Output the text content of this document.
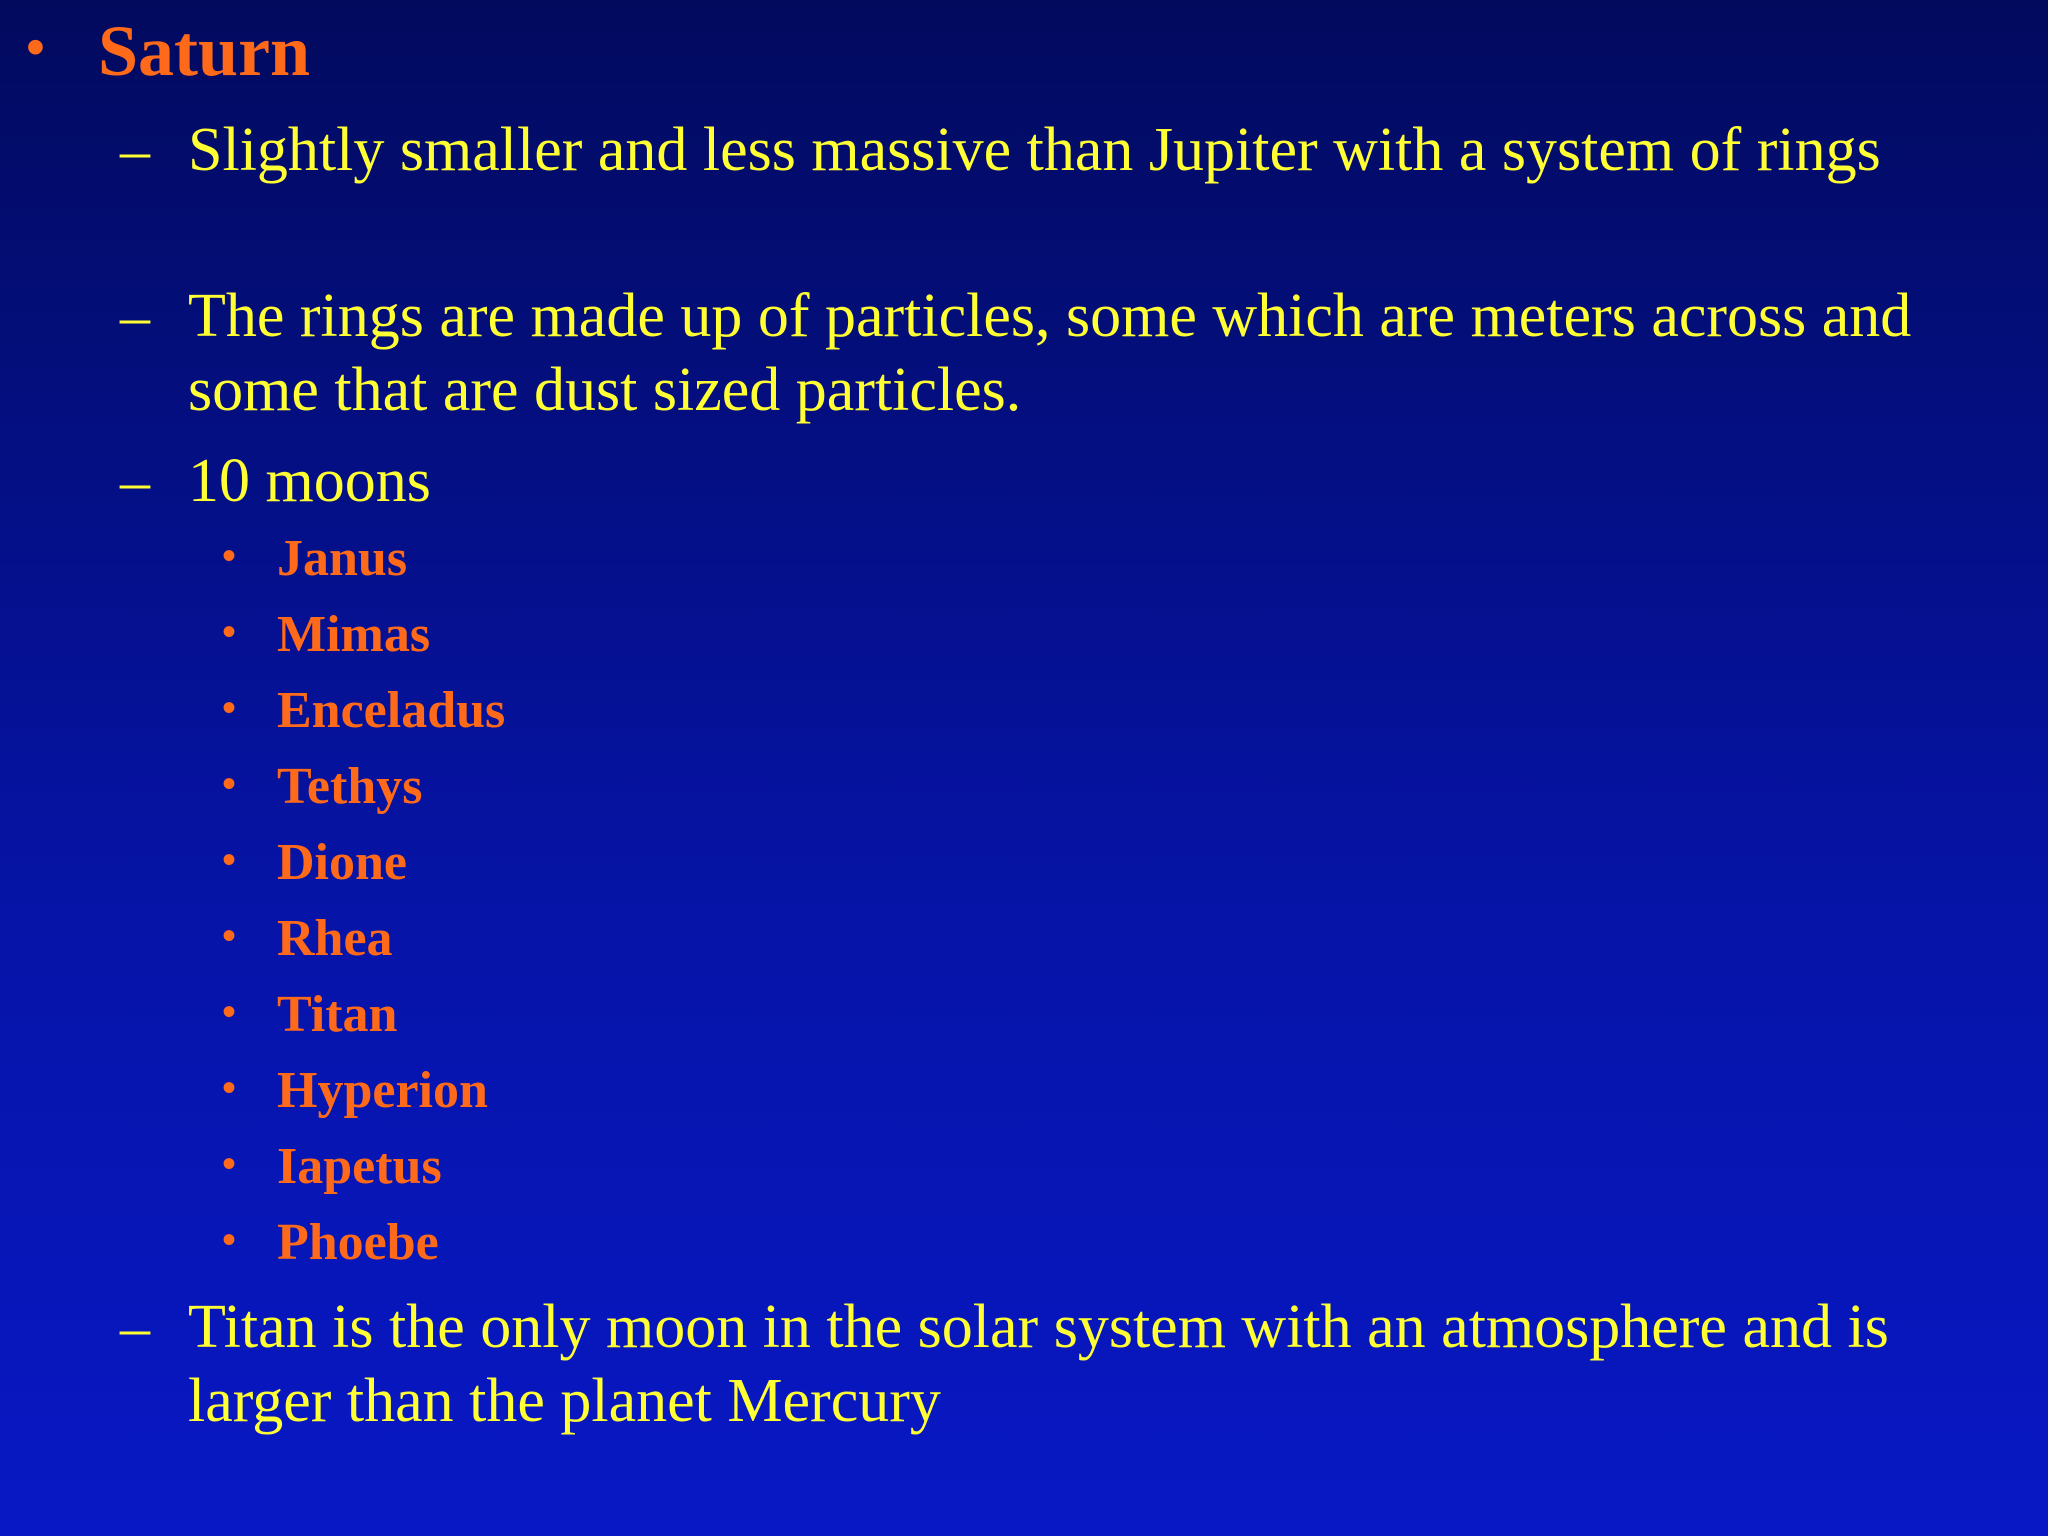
• Saturn
– Slightly smaller and less massive than Jupiter with a system of rings
– The rings are made up of particles, some which are meters across and some that are dust sized particles.
– 10 moons
• Janus
• Mimas
• Enceladus
• Tethys
• Dione
• Rhea
• Titan
• Hyperion
• Iapetus
• Phoebe
– Titan is the only moon in the solar system with an atmosphere and is larger than the planet Mercury
